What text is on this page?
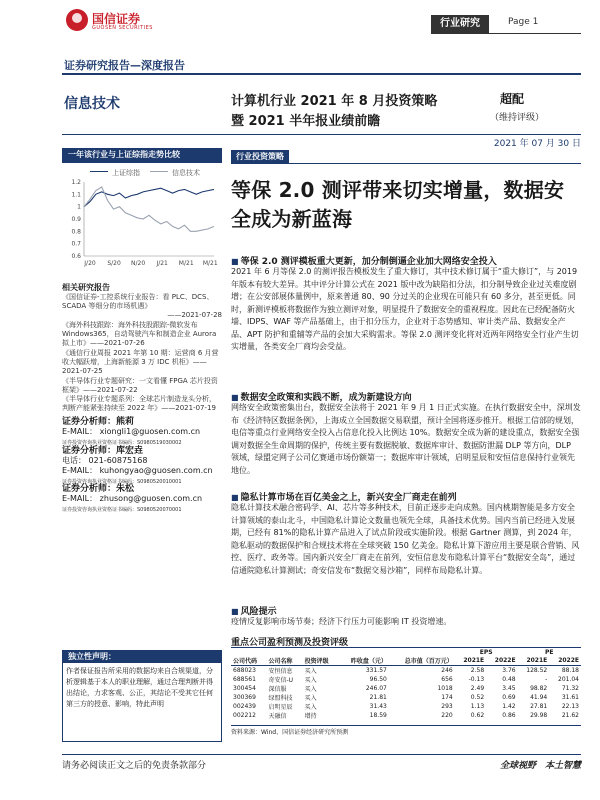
国信证券
GUOSEN SECURITIES	行业研究	Page 1
证券研究报告—深度报告
信息技术	计算机行业 2021 年 8 月投资策略
暨 2021 半年报业绩前瞻
超配
（维持评级）
2021 年 07 月 30 日
一年该行业与上证综指走势比较
上证综指	信息技术
0.6
0.7
0.8
0.9
1
1.1
1.2
J/20 S/20 N/20 J/21 M/21 M/21
相关研究报告
《国信证券-工控系统行业报告：看 PLC、DCS、SCADA 等细分的市场机遇》
——2021-07-28
《海外科技跟踪：海外科技股跟踪-微软发布 Windows365，自动驾驶汽车和制造企业 Aurora 拟上市》——2021-07-26
《通信行业周报 2021 年第 10 期：运营商 6 月营收大幅跃增，上海新能源 3 万 IDC 机柜》——2021-07-25
《半导体行业专题研究：一文看懂 FPGA 芯片投资框架》——2021-07-22
《半导体行业专题系列：全球芯片制造龙头分析，判断产能紧张持续至 2022 年》——2021-07-19
证券分析师：熊莉
E-MAIL： xiongli1@guosen.com.cn
证券投资咨询执业资格证书编码：S0980519030002
证券分析师：库宏垚
电话： 021-60875168
E-MAIL： kuhongyao@guosen.com.cn
证券投资咨询执业资格证书编码：S0980520010001
证券分析师：朱松
E-MAIL： zhusong@guosen.com.cn
证券投资咨询执业资格证书编码：S0980520070001
独立性声明：
作者保证报告所采用的数据均来自合规渠道，分析逻辑基于本人的职业理解，通过合理判断并得出结论，力求客观、公正，其结论不受其它任何第三方的授意、影响，特此声明
行业投资策略
等保 2.0 测评带来切实增量，数据安全成为新蓝海
■ 等保 2.0 测评模板重大更新，加分制倒逼企业加大网络安全投入
2021 年 6 月等保 2.0 的测评报告模板发生了重大修订，其中技术修订属于“重大修订”，与 2019 年版本有较大差异。其中评分计算公式在 2021 版中改为缺陷扣分法，扣分制导致企业过关难度剧增；在公安部展体量例中，原来普通 80、90 分过关的企业现在可能只有 60 多分，甚至更低。同时，新测评模板将数据作为独立测评对象，明显提升了数据安全的重视程度。因此在已经配备防火墙、IDPS、WAF 等产品基础上，由于扣分压力，企业对于态势感知、审计类产品、数据安全产品、APT 防护和重辅等产品的会加大采购需求。等保 2.0 测评变化将对近两年网络安全行业产生切实增量，各类安全厂商均会受益。
■ 数据安全政策和实践不断，成为新建设方向
网络安全政策密集出台，数据安全法将于 2021 年 9 月 1 日正式实施。在执行数据安全中，深圳发布《经济特区数据条例》，上海成立全国数据交易联盟，预计全国将逐步推开。根据工信部的规划，电信等重点行业网络安全投入占信息化投入比例达 10%。数据安全成为新的建设重点，数据安全强调对数据全生命周期的保护，传统主要有数据脱敏、数据库审计、数据防泄漏 DLP 等方向，DLP 领域，绿盟定网子公司亿赛通市场份额第一；数据库审计领域，启明星辰和安恒信息保持行业领先地位。
■ 隐私计算市场在百亿美金之上，新兴安全厂商走在前列
隐私计算技术融合密码学、AI、芯片等多种技术，目前正逐步走向成熟。国内桃期智能是多方安全计算领域的泰山北斗，中国隐私计算论文数量也领先全球，具备技术优势。国内当前已经进入发展期，已经有 81%的隐私计算产品进入了试点阶段或实施阶段。根据 Gartner 测算，到 2024 年，隐私驱动的数据保护和合规技术将在全球突破 150 亿美金。隐私计算下游应用主要是联合营销、风控、医疗、政务等。国内新兴安全厂商走在前列，安恒信息发布隐私计算平台“数据安全岛”，通过信通院隐私计算测试；奇安信发布“数据交易沙箱”，同样布局隐私计算。
■ 风险提示
疫情反复影响市场节奏；经济下行压力可能影响 IT 投资增速。
重点公司盈利预测及投资评级
					EPS		PE	
公司代码	公司名称	投资评级	昨收盘（元）	总市值（百万元）	2021E	2022E	2021E	2022E
688023	安恒信息	买入	331.57	246	2.58	3.76	128.52	88.18
688561	奇安信-U	买入	96.50	656	-0.13	0.48	-	201.04
300454	深信服	买入	246.07	1018	2.49	3.45	98.82	71.32
300369	绿盟科技	买入	21.81	174	0.52	0.69	41.94	31.61
002439	启明星辰	买入	31.43	293	1.13	1.42	27.81	22.13
002212	天融信	增持	18.59	220	0.62	0.86	29.98	21.62
资料来源：Wind、国信证券经济研究所预测
请务必阅读正文之后的免责条款部分	全球视野　本土智慧
